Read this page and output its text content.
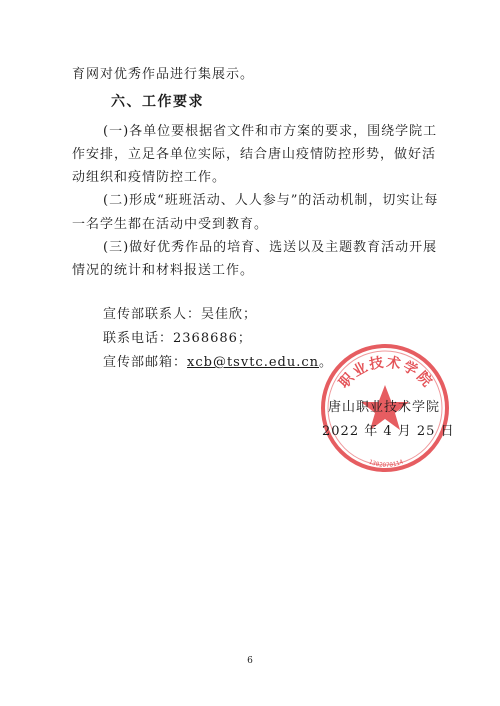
育网对优秀作品进行集展示。
六、工作要求
(一)各单位要根据省文件和市方案的要求，围绕学院工
作安排，立足各单位实际，结合唐山疫情防控形势，做好活
动组织和疫情防控工作。
(二)形成“班班活动、人人参与”的活动机制，切实让每
一名学生都在活动中受到教育。
(三)做好优秀作品的培育、选送以及主题教育活动开展
情况的统计和材料报送工作。
宣传部联系人：吴佳欣；
联系电话：2368686；
宣传部邮箱：xcb@tsvtc.edu.cn。
职业技术学院
1302070114
唐山职业技术学院
2022 年 4 月 25 日
6
